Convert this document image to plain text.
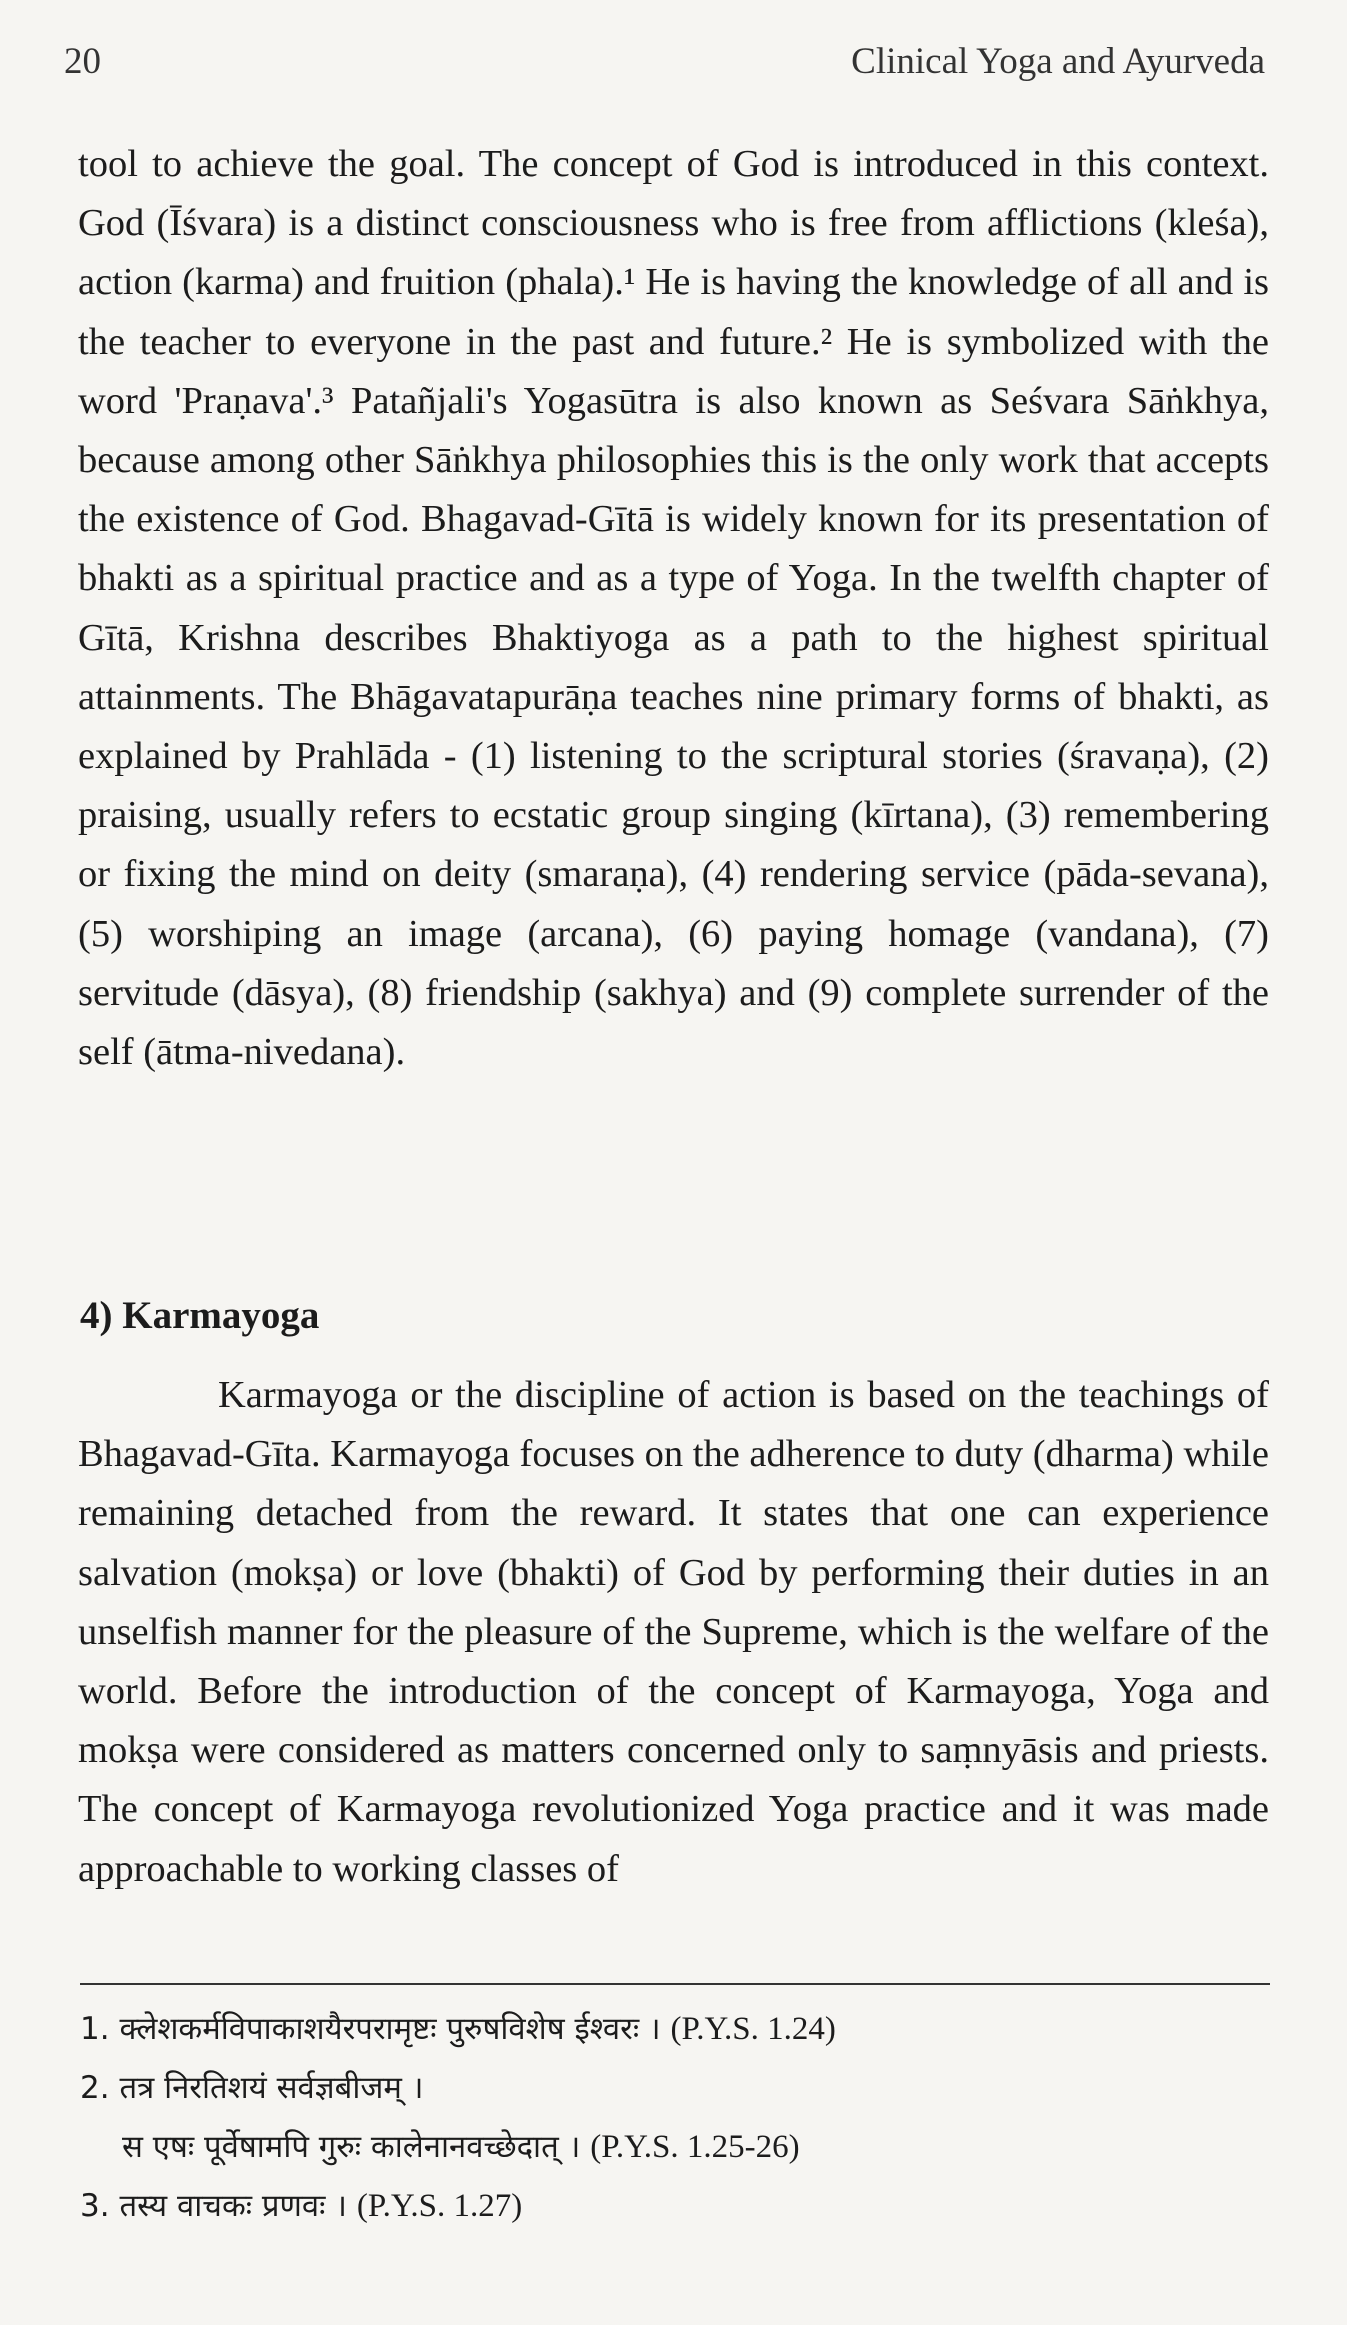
20	Clinical Yoga and Ayurveda

tool to achieve the goal. The concept of God is introduced in this context. God (Īśvara) is a distinct consciousness who is free from afflictions (kleśa), action (karma) and fruition (phala).¹ He is having the knowledge of all and is the teacher to everyone in the past and future.² He is symbolized with the word 'Praṇava'.³ Patañjali's Yogasūtra is also known as Seśvara Sāṅkhya, because among other Sāṅkhya philosophies this is the only work that accepts the existence of God. Bhagavad-Gītā is widely known for its presentation of bhakti as a spiritual practice and as a type of Yoga. In the twelfth chapter of Gītā, Krishna describes Bhaktiyoga as a path to the highest spiritual attainments. The Bhāgavatapurāṇa teaches nine primary forms of bhakti, as explained by Prahlāda - (1) listening to the scriptural stories (śravaṇa), (2) praising, usually refers to ecstatic group singing (kīrtana), (3) remembering or fixing the mind on deity (smaraṇa), (4) rendering service (pāda-sevana), (5) worshiping an image (arcana), (6) paying homage (vandana), (7) servitude (dāsya), (8) friendship (sakhya) and (9) complete surrender of the self (ātma-nivedana).

4) Karmayoga

Karmayoga or the discipline of action is based on the teachings of Bhagavad-Gīta. Karmayoga focuses on the adherence to duty (dharma) while remaining detached from the reward. It states that one can experience salvation (mokṣa) or love (bhakti) of God by performing their duties in an unselfish manner for the pleasure of the Supreme, which is the welfare of the world. Before the introduction of the concept of Karmayoga, Yoga and mokṣa were considered as matters concerned only to saṃnyāsis and priests. The concept of Karmayoga revolutionized Yoga practice and it was made approachable to working classes of

1. क्लेशकर्मविपाकाशयैरपरामृष्टः पुरुषविशेष ईश्वरः । (P.Y.S. 1.24)
2. तत्र निरतिशयं सर्वज्ञबीजम् ।
स एषः पूर्वेषामपि गुरुः कालेनानवच्छेदात् । (P.Y.S. 1.25-26)
3. तस्य वाचकः प्रणवः । (P.Y.S. 1.27)
